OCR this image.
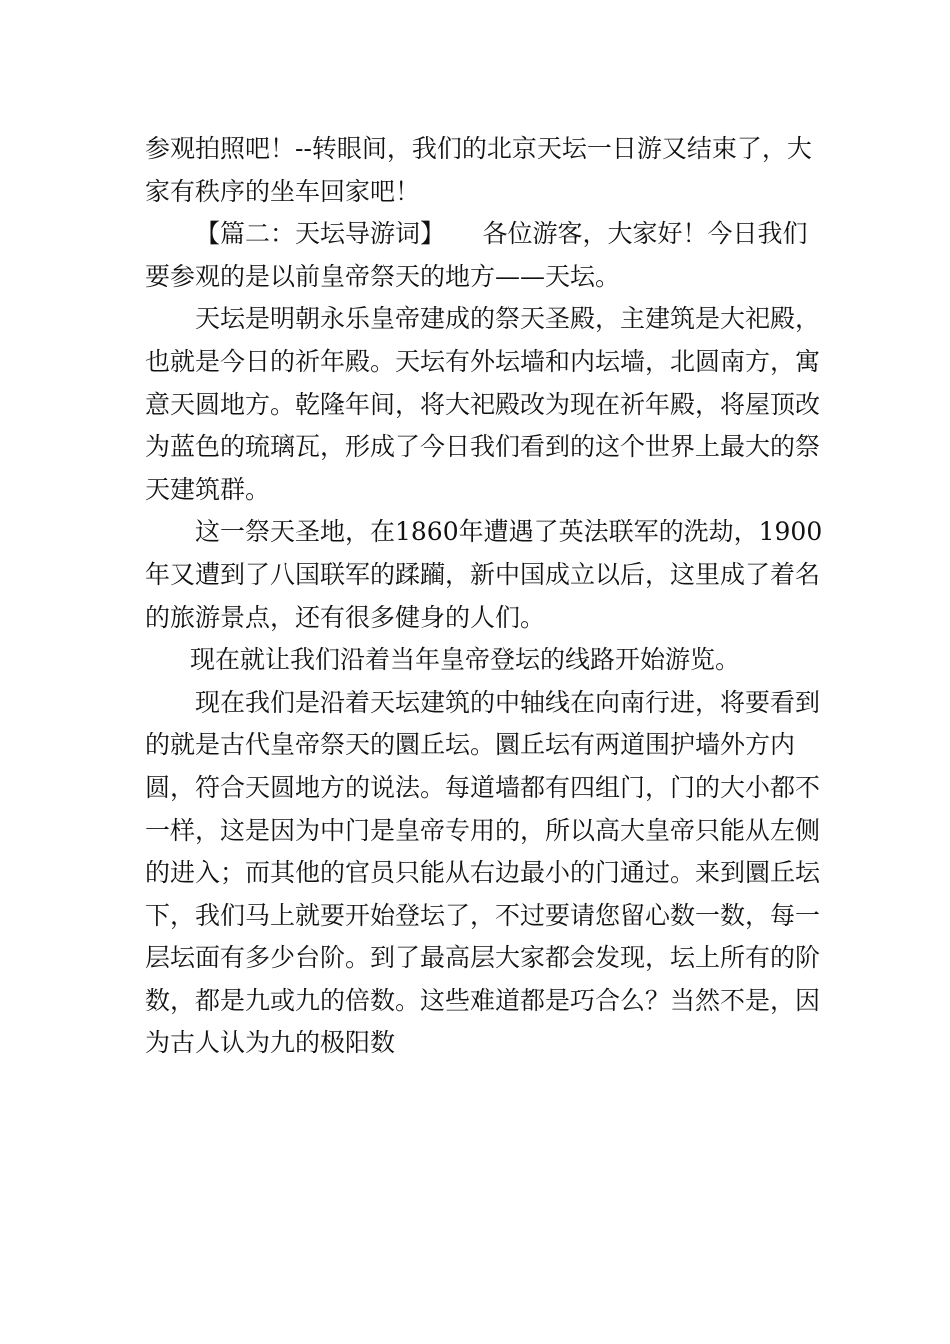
参观拍照吧！--转眼间，我们的北京天坛一日游又结束了，大家有秩序的坐车回家吧！

【篇二：天坛导游词】　　各位游客，大家好！今日我们要参观的是以前皇帝祭天的地方——天坛。

天坛是明朝永乐皇帝建成的祭天圣殿，主建筑是大祀殿，也就是今日的祈年殿。天坛有外坛墙和内坛墙，北圆南方，寓意天圆地方。乾隆年间，将大祀殿改为现在祈年殿，将屋顶改为蓝色的琉璃瓦，形成了今日我们看到的这个世界上最大的祭天建筑群。

这一祭天圣地，在1860年遭遇了英法联军的洗劫，1900年又遭到了八国联军的蹂躏，新中国成立以后，这里成了着名的旅游景点，还有很多健身的人们。

现在就让我们沿着当年皇帝登坛的线路开始游览。

现在我们是沿着天坛建筑的中轴线在向南行进，将要看到的就是古代皇帝祭天的圜丘坛。圜丘坛有两道围护墙外方内圆，符合天圆地方的说法。每道墙都有四组门，门的大小都不一样，这是因为中门是皇帝专用的，所以高大皇帝只能从左侧的进入；而其他的官员只能从右边最小的门通过。来到圜丘坛下，我们马上就要开始登坛了，不过要请您留心数一数，每一层坛面有多少台阶。到了最高层大家都会发现，坛上所有的阶数，都是九或九的倍数。这些难道都是巧合么？当然不是，因为古人认为九的极阳数
